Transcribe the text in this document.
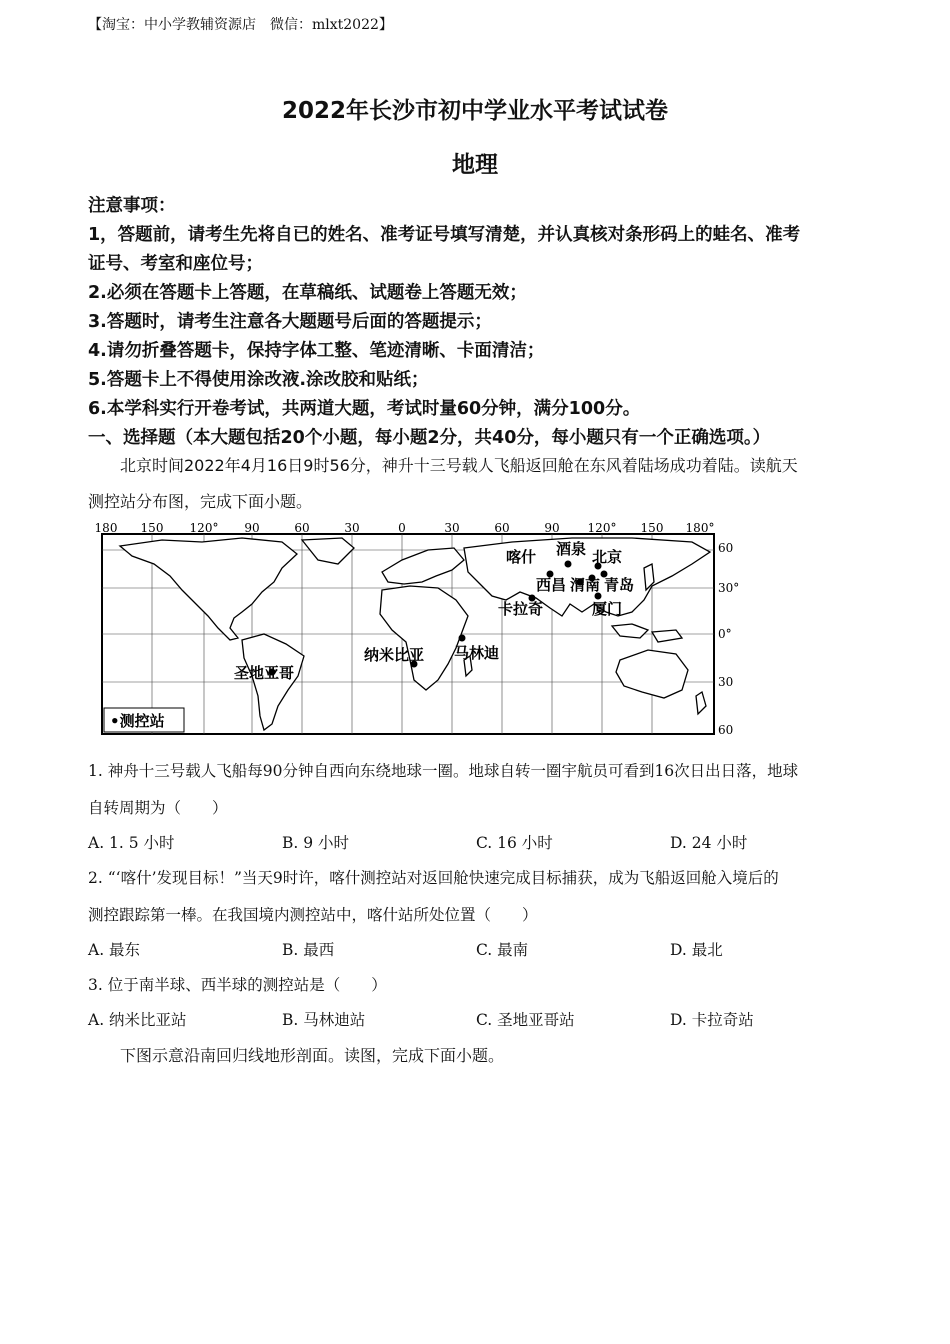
【淘宝：中小学教辅资源店　微信：mlxt2022】
2022年长沙市初中学业水平考试试卷
地理
注意事项：
1，答题前，请考生先将自已的姓名、准考证号填写清楚，并认真核对条形码上的蛙名、准考
证号、考室和座位号；
2.必须在答题卡上答题，在草稿纸、试题卷上答题无效；
3.答题时，请考生注意各大题题号后面的答题提示；
4.请勿折叠答题卡，保持字体工整、笔迹清晰、卡面清洁；
5.答题卡上不得使用涂改液.涂改胶和贴纸；
6.本学科实行开卷考试，共两道大题，考试时量60分钟，满分100分。
一、选择题（本大题包括20个小题，每小题2分，共40分，每小题只有一个正确选项。）
北京时间2022年4月16日9时56分，神升十三号载人飞船返回舱在东风着陆场成功着陆。读航天
测控站分布图，完成下面小题。
180 150 120° 90	60	30	0	30	60	90 120° 150 180°
60
30°
0°
30
60
喀什 酒泉 北京
卡拉奇
西昌 渭南 青岛
厦门
纳米比亚 马林迪
圣地亚哥
•测控站
1. 神舟十三号载人飞船每90分钟自西向东绕地球一圈。地球自转一圈宇航员可看到16次日出日落，地球
自转周期为（　　）
A. 1. 5 小时	B. 9 小时	C. 16 小时	D. 24 小时
2. “‘喀什’发现目标！”当天9时许，喀什测控站对返回舱快速完成目标捕获，成为飞船返回舱入境后的
测控跟踪第一棒。在我国境内测控站中，喀什站所处位置（　　）
A. 最东	B. 最西	C. 最南	D. 最北
3. 位于南半球、西半球的测控站是（　　）
A. 纳米比亚站	B. 马林迪站	C. 圣地亚哥站	D. 卡拉奇站
下图示意沿南回归线地形剖面。读图，完成下面小题。
